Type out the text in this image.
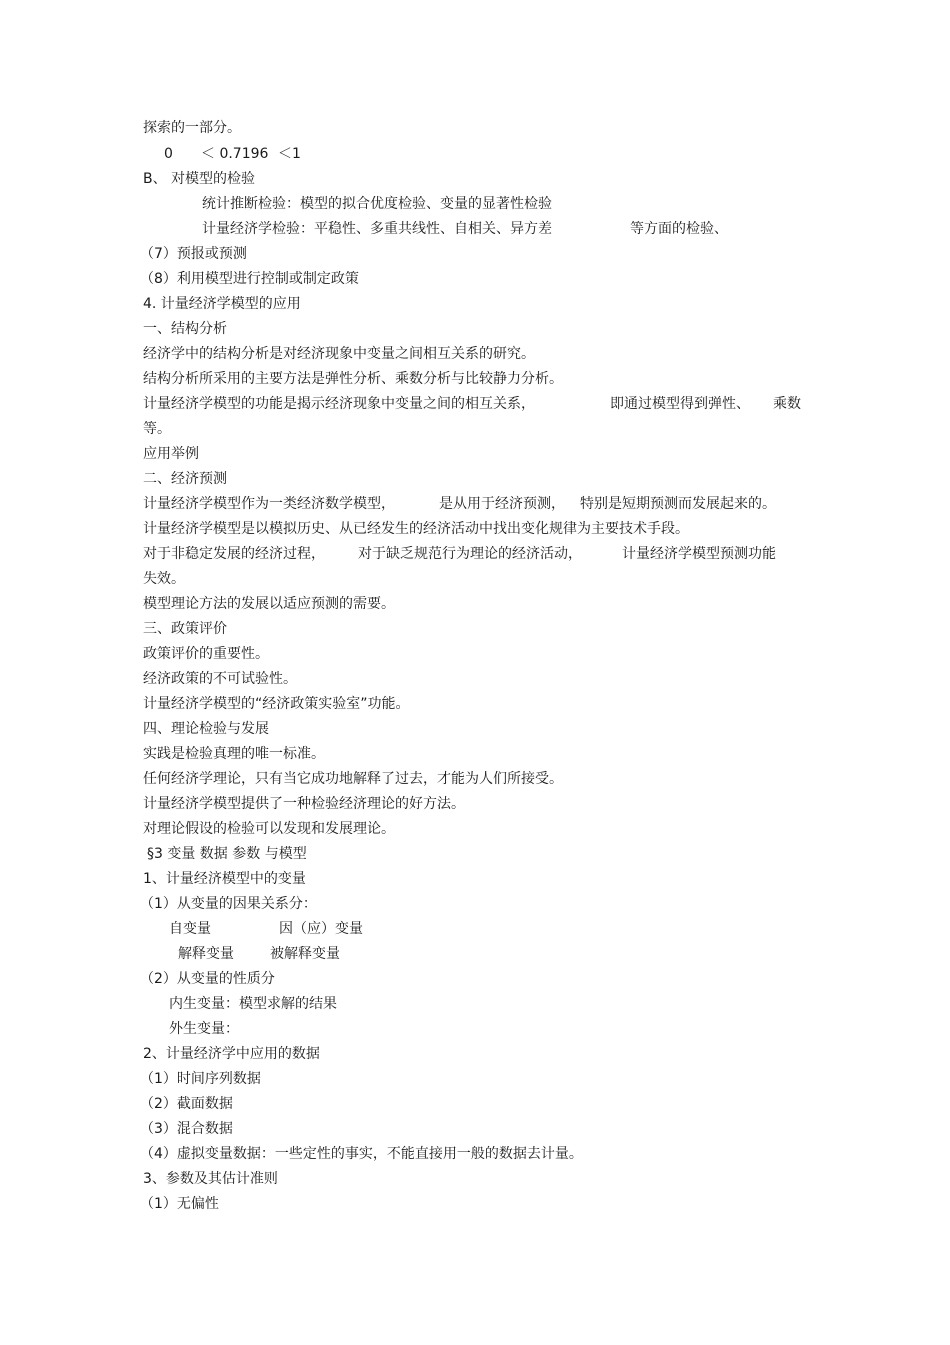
探索的一部分。
0 ＜ 0.7196 ＜1
B、 对模型的检验
统计推断检验：模型的拟合优度检验、变量的显著性检验
计量经济学检验：平稳性、多重共线性、自相关、异方差	等方面的检验、
（7）预报或预测
（8）利用模型进行控制或制定政策
4. 计量经济学模型的应用
一、结构分析
经济学中的结构分析是对经济现象中变量之间相互关系的研究。
结构分析所采用的主要方法是弹性分析、乘数分析与比较静力分析。
计量经济学模型的功能是揭示经济现象中变量之间的相互关系，	即通过模型得到弹性、 乘数
等。
应用举例
二、经济预测
计量经济学模型作为一类经济数学模型，	是从用于经济预测， 特别是短期预测而发展起来的。
计量经济学模型是以模拟历史、从已经发生的经济活动中找出变化规律为主要技术手段。
对于非稳定发展的经济过程， 对于缺乏规范行为理论的经济活动，	计量经济学模型预测功能
失效。
模型理论方法的发展以适应预测的需要。
三、政策评价
政策评价的重要性。
经济政策的不可试验性。
计量经济学模型的“经济政策实验室”功能。
四、理论检验与发展
实践是检验真理的唯一标准。
任何经济学理论，只有当它成功地解释了过去，才能为人们所接受。
计量经济学模型提供了一种检验经济理论的好方法。
对理论假设的检验可以发现和发展理论。
§3 变量 数据 参数 与模型
1、计量经济模型中的变量
（1）从变量的因果关系分：
自变量	因（应）变量
解释变量	被解释变量
（2）从变量的性质分
内生变量：模型求解的结果
外生变量：
2、计量经济学中应用的数据
（1）时间序列数据
（2）截面数据
（3）混合数据
（4）虚拟变量数据：一些定性的事实，不能直接用一般的数据去计量。
3、参数及其估计准则
（1）无偏性
